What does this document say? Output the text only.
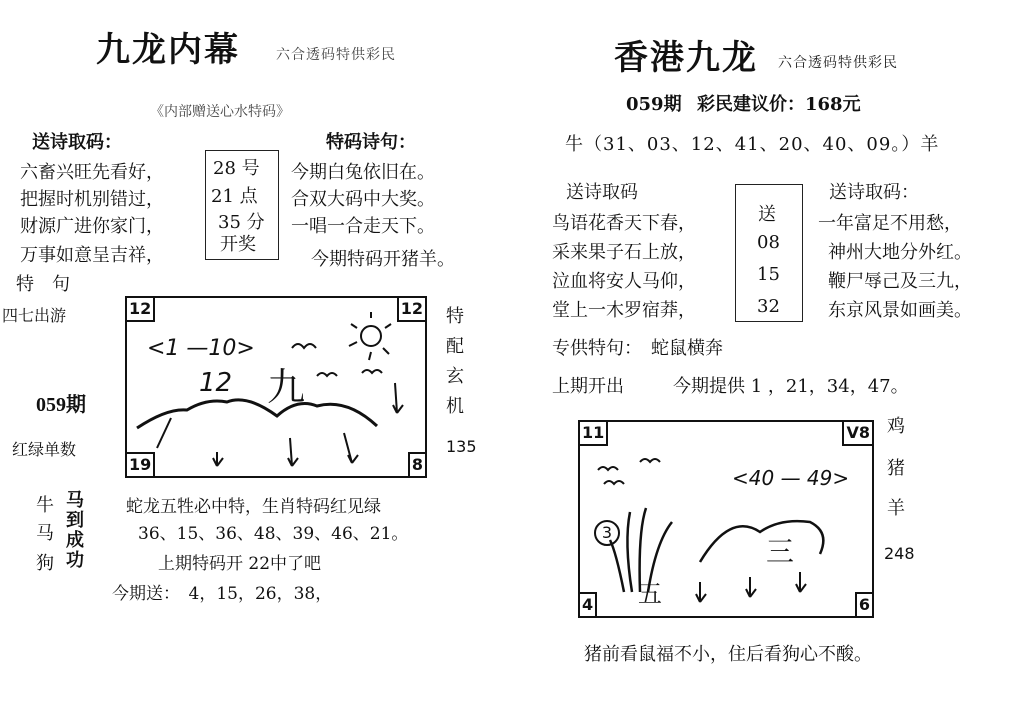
九龙内幕	六合透码特供彩民
《内部赠送心水特码》
送诗取码：	特码诗句：
六畜兴旺先看好，
把握时机别错过，
财源广进你家门，
万事如意呈吉祥，
28 号
21 点
35 分
开奖
今期白兔依旧在。
合双大码中大奖。
一唱一合走天下。
今期特码开猪羊。
特　句
四七出游
059期
红绿单数
12	12
19	8
<1 —10>
12 九
特
配
玄
机
135
牛
马
狗
马
到
成
功
蛇龙五牲必中特，生肖特码红见绿
36、15、36、48、39、46、21。
上期特码开 22中了吧
今期送：　4，15，26，38，
香港九龙 六合透码特供彩民
059期 彩民建议价：168元
牛（31、03、12、41、20、40、09。）羊
送诗取码	送诗取码：
鸟语花香天下春，
采来果子石上放，
泣血将安人马仰，
堂上一木罗宿莽，
送
08
15
32
一年富足不用愁，
神州大地分外红。
鞭尸辱己及三九，
东京风景如画美。
专供特句：　蛇鼠横奔
上期开出	今期提供 1 ，21，34，47。
11	V8
4	6
<40 — 49>
3
三
五
鸡
猪
羊
248
猪前看鼠福不小，住后看狗心不酸。
